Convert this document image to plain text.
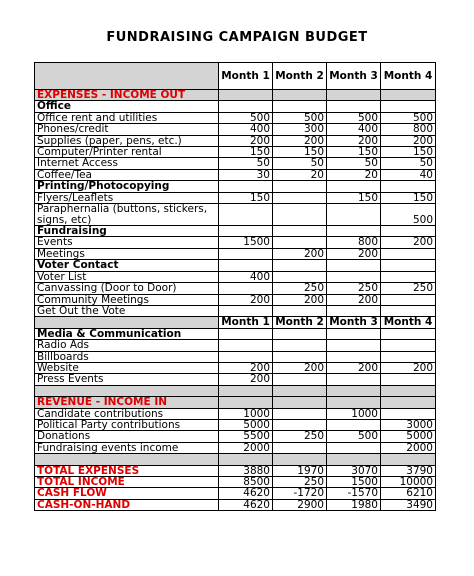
FUNDRAISING CAMPAIGN BUDGET
	Month 1	Month 2	Month 3	Month 4
EXPENSES - INCOME OUT				
Office				
Office rent and utilities	500	500	500	500
Phones/credit	400	300	400	800
Supplies (paper, pens, etc.)	200	200	200	200
Computer/Printer rental	150	150	150	150
Internet Access	50	50	50	50
Coffee/Tea	30	20	20	40
Printing/Photocopying				
Flyers/Leaflets	150		150	150
Paraphernalia (buttons, stickers, signs, etc)				500
Fundraising				
Events	1500		800	200
Meetings		200	200	
Voter Contact				
Voter List	400			
Canvassing (Door to Door)		250	250	250
Community Meetings	200	200	200	
Get Out the Vote				
	Month 1	Month 2	Month 3	Month 4
Media & Communication				
Radio Ads				
Billboards				
Website	200	200	200	200
Press Events	200			

REVENUE - INCOME IN				
Candidate contributions	1000		1000	
Political Party contributions	5000			3000
Donations	5500	250	500	5000
Fundraising events income	2000			2000

TOTAL EXPENSES	3880	1970	3070	3790
TOTAL INCOME	8500	250	1500	10000
CASH FLOW	4620	-1720	-1570	6210
CASH-ON-HAND	4620	2900	1980	3490
